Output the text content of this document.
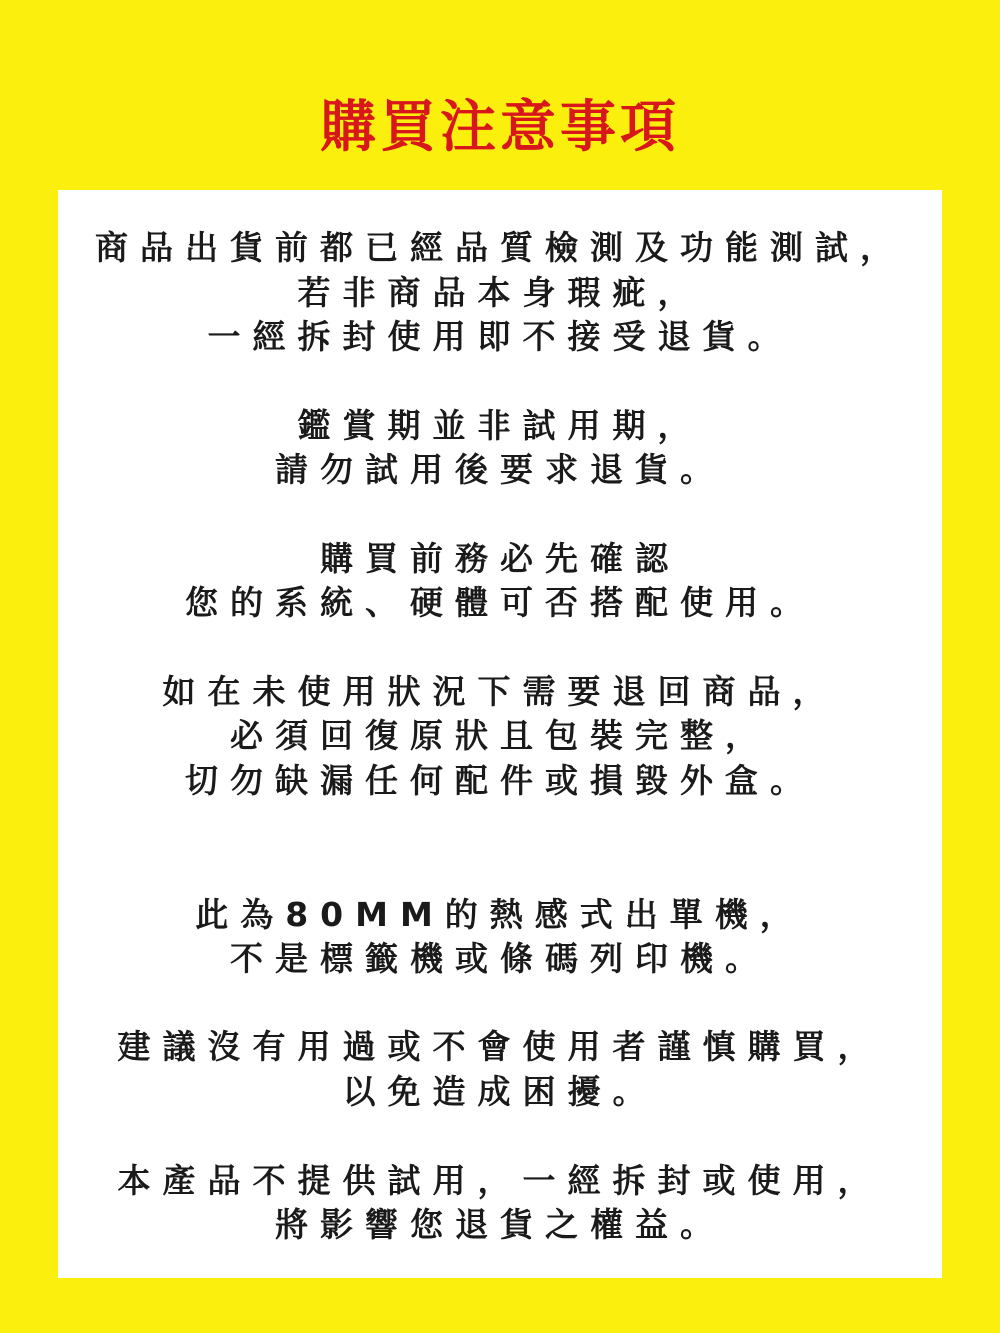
購買注意事項
商品出貨前都已經品質檢測及功能測試，
若非商品本身瑕疵，
一經拆封使用即不接受退貨。
鑑賞期並非試用期，
請勿試用後要求退貨。
購買前務必先確認
您的系統、硬體可否搭配使用。
如在未使用狀況下需要退回商品，
必須回復原狀且包裝完整，
切勿缺漏任何配件或損毀外盒。
此為80MM的熱感式出單機，
不是標籤機或條碼列印機。
建議沒有用過或不會使用者謹慎購買，
以免造成困擾。
本產品不提供試用，一經拆封或使用，
將影響您退貨之權益。
